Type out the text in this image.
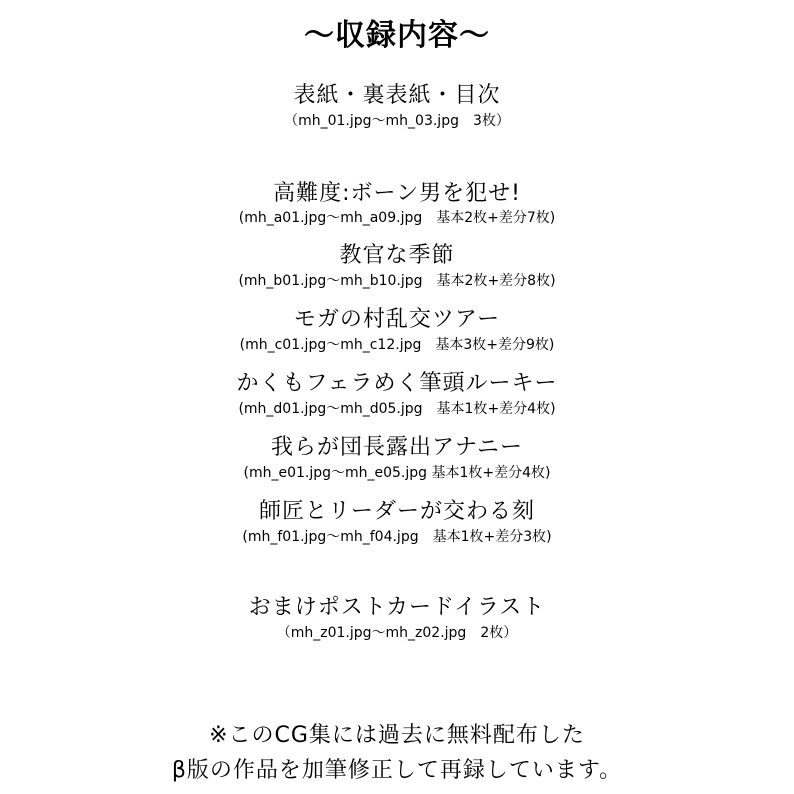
～収録内容～
表紙・裏表紙・目次
（mh_01.jpg～mh_03.jpg　3枚）
高難度:ボーン男を犯せ!
(mh_a01.jpg～mh_a09.jpg　基本2枚+差分7枚)
教官な季節
(mh_b01.jpg～mh_b10.jpg　基本2枚+差分8枚)
モガの村乱交ツアー
(mh_c01.jpg～mh_c12.jpg　基本3枚+差分9枚)
かくもフェラめく筆頭ルーキー
(mh_d01.jpg～mh_d05.jpg　基本1枚+差分4枚)
我らが団長露出アナニー
(mh_e01.jpg～mh_e05.jpg 基本1枚+差分4枚)
師匠とリーダーが交わる刻
(mh_f01.jpg～mh_f04.jpg　基本1枚+差分3枚)
おまけポストカードイラスト
（mh_z01.jpg～mh_z02.jpg　2枚）
※このCG集には過去に無料配布した
β版の作品を加筆修正して再録しています。
